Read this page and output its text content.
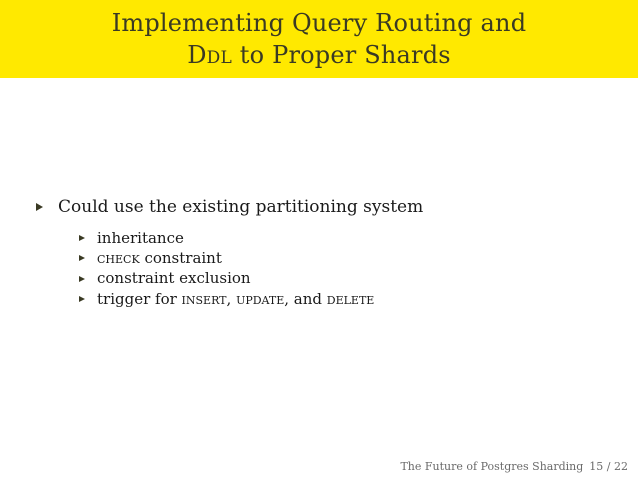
Implementing Query Routing and
Ddl to Proper Shards
Could use the existing partitioning system
inheritance
check constraint
constraint exclusion
trigger for insert, update, and delete
The Future of Postgres Sharding 15 / 22
